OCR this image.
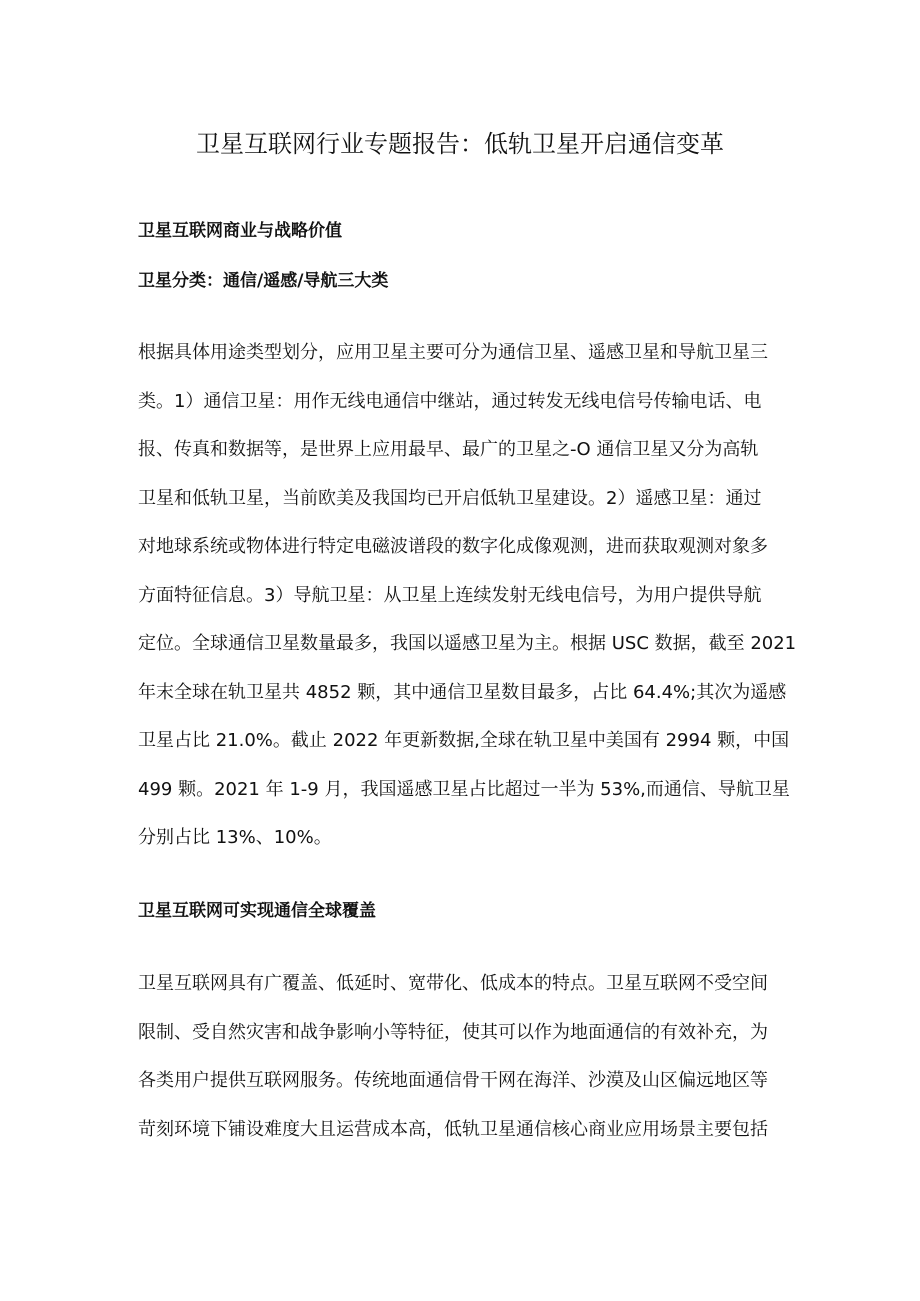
卫星互联网行业专题报告：低轨卫星开启通信变革
卫星互联网商业与战略价值
卫星分类：通信/遥感/导航三大类
根据具体用途类型划分，应用卫星主要可分为通信卫星、遥感卫星和导航卫星三
类。1）通信卫星：用作无线电通信中继站，通过转发无线电信号传输电话、电
报、传真和数据等，是世界上应用最早、最广的卫星之-O 通信卫星又分为高轨
卫星和低轨卫星，当前欧美及我国均已开启低轨卫星建设。2）遥感卫星：通过
对地球系统或物体进行特定电磁波谱段的数字化成像观测，进而获取观测对象多
方面特征信息。3）导航卫星：从卫星上连续发射无线电信号，为用户提供导航
定位。全球通信卫星数量最多，我国以遥感卫星为主。根据 USC 数据，截至 2021
年末全球在轨卫星共 4852 颗，其中通信卫星数目最多，占比 64.4%;其次为遥感
卫星占比 21.0%。截止 2022 年更新数据,全球在轨卫星中美国有 2994 颗，中国
499 颗。2021 年 1-9 月，我国遥感卫星占比超过一半为 53%,而通信、导航卫星
分别占比 13%、10%。
卫星互联网可实现通信全球覆盖
卫星互联网具有广覆盖、低延时、宽带化、低成本的特点。卫星互联网不受空间
限制、受自然灾害和战争影响小等特征，使其可以作为地面通信的有效补充，为
各类用户提供互联网服务。传统地面通信骨干网在海洋、沙漠及山区偏远地区等
苛刻环境下铺设难度大且运营成本高，低轨卫星通信核心商业应用场景主要包括
